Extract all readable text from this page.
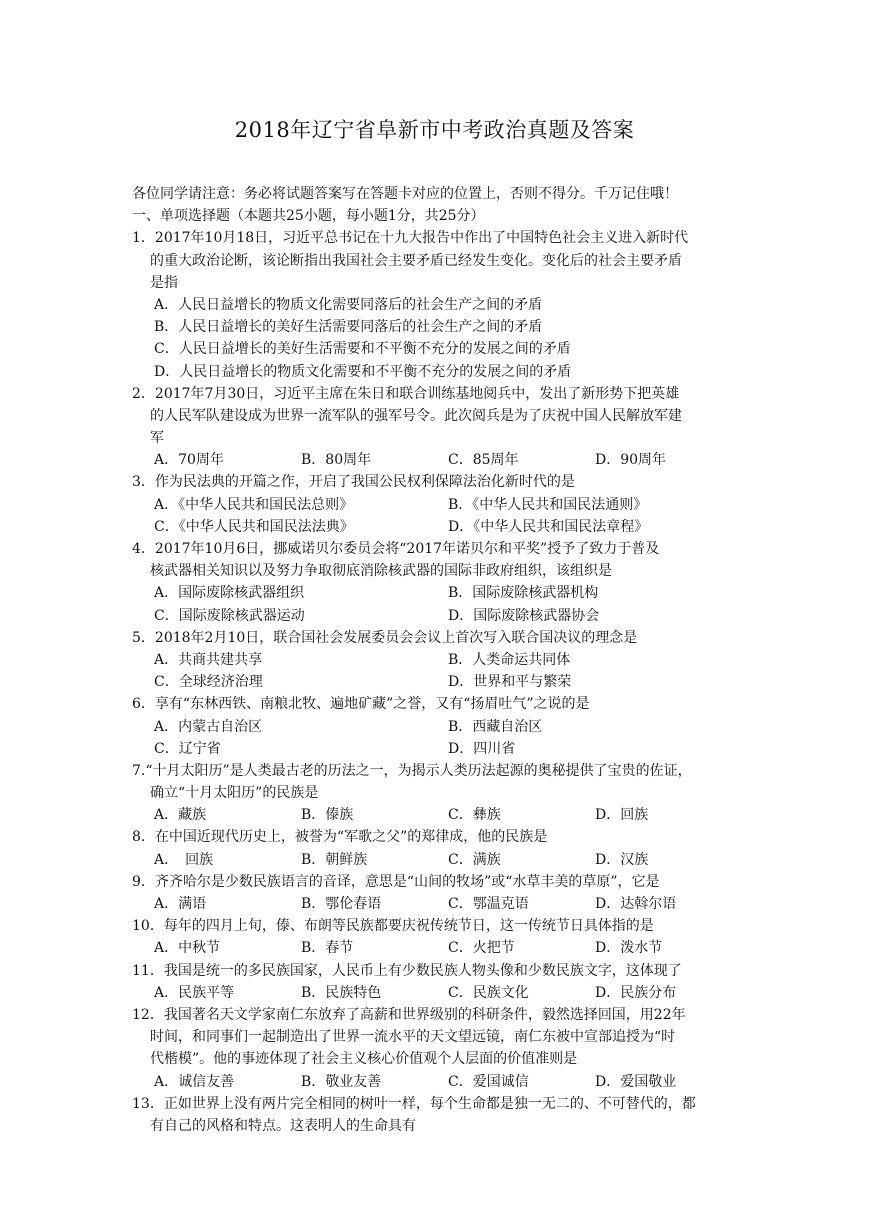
2018年辽宁省阜新市中考政治真题及答案
各位同学请注意：务必将试题答案写在答题卡对应的位置上，否则不得分。千万记住哦！
一、单项选择题（本题共25小题，每小题1分，共25分）
1．2017年10月18日，习近平总书记在十九大报告中作出了中国特色社会主义进入新时代
的重大政治论断，该论断指出我国社会主要矛盾已经发生变化。变化后的社会主要矛盾
是指
A．人民日益增长的物质文化需要同落后的社会生产之间的矛盾
B．人民日益增长的美好生活需要同落后的社会生产之间的矛盾
C．人民日益增长的美好生活需要和不平衡不充分的发展之间的矛盾
D．人民日益增长的物质文化需要和不平衡不充分的发展之间的矛盾
2．2017年7月30日，习近平主席在朱日和联合训练基地阅兵中，发出了新形势下把英雄
的人民军队建设成为世界一流军队的强军号令。此次阅兵是为了庆祝中国人民解放军建
军
A．70周年	B．80周年	C．85周年	D．90周年
3．作为民法典的开篇之作，开启了我国公民权利保障法治化新时代的是
A．《中华人民共和国民法总则》	B．《中华人民共和国民法通则》
C．《中华人民共和国民法法典》	D．《中华人民共和国民法章程》
4．2017年10月6日，挪威诺贝尔委员会将“2017年诺贝尔和平奖”授予了致力于普及
核武器相关知识以及努力争取彻底消除核武器的国际非政府组织，该组织是
A．国际废除核武器组织	B．国际废除核武器机构
C．国际废除核武器运动	D．国际废除核武器协会
5．2018年2月10日，联合国社会发展委员会会议上首次写入联合国决议的理念是
A．共商共建共享	B．人类命运共同体
C．全球经济治理	D．世界和平与繁荣
6．享有“东林西铁、南粮北牧、遍地矿藏”之誉，又有“扬眉吐气”之说的是
A．内蒙古自治区	B．西藏自治区
C．辽宁省	D．四川省
7.“十月太阳历”是人类最古老的历法之一，为揭示人类历法起源的奥秘提供了宝贵的佐证，
确立“十月太阳历”的民族是
A．藏族	B．傣族	C．彝族	D．回族
8．在中国近现代历史上，被誉为“军歌之父”的郑律成，他的民族是
A．　回族	B．朝鲜族	C．满族	D．汉族
9．齐齐哈尔是少数民族语言的音译，意思是“山间的牧场”或“水草丰美的草原”，它是
A．满语	B．鄂伦春语	C．鄂温克语	D．达斡尔语
10．每年的四月上旬，傣、布朗等民族都要庆祝传统节日，这一传统节日具体指的是
A．中秋节	B．春节	C．火把节	D．泼水节
11．我国是统一的多民族国家，人民币上有少数民族人物头像和少数民族文字，这体现了
A．民族平等	B．民族特色	C．民族文化	D．民族分布
12．我国著名天文学家南仁东放弃了高薪和世界级别的科研条件，毅然选择回国，用22年
时间，和同事们一起制造出了世界一流水平的天文望远镜，南仁东被中宣部追授为“时
代楷模”。他的事迹体现了社会主义核心价值观个人层面的价值准则是
A．诚信友善	B．敬业友善	C．爱国诚信	D．爱国敬业
13．正如世界上没有两片完全相同的树叶一样，每个生命都是独一无二的、不可替代的，都
有自己的风格和特点。这表明人的生命具有
